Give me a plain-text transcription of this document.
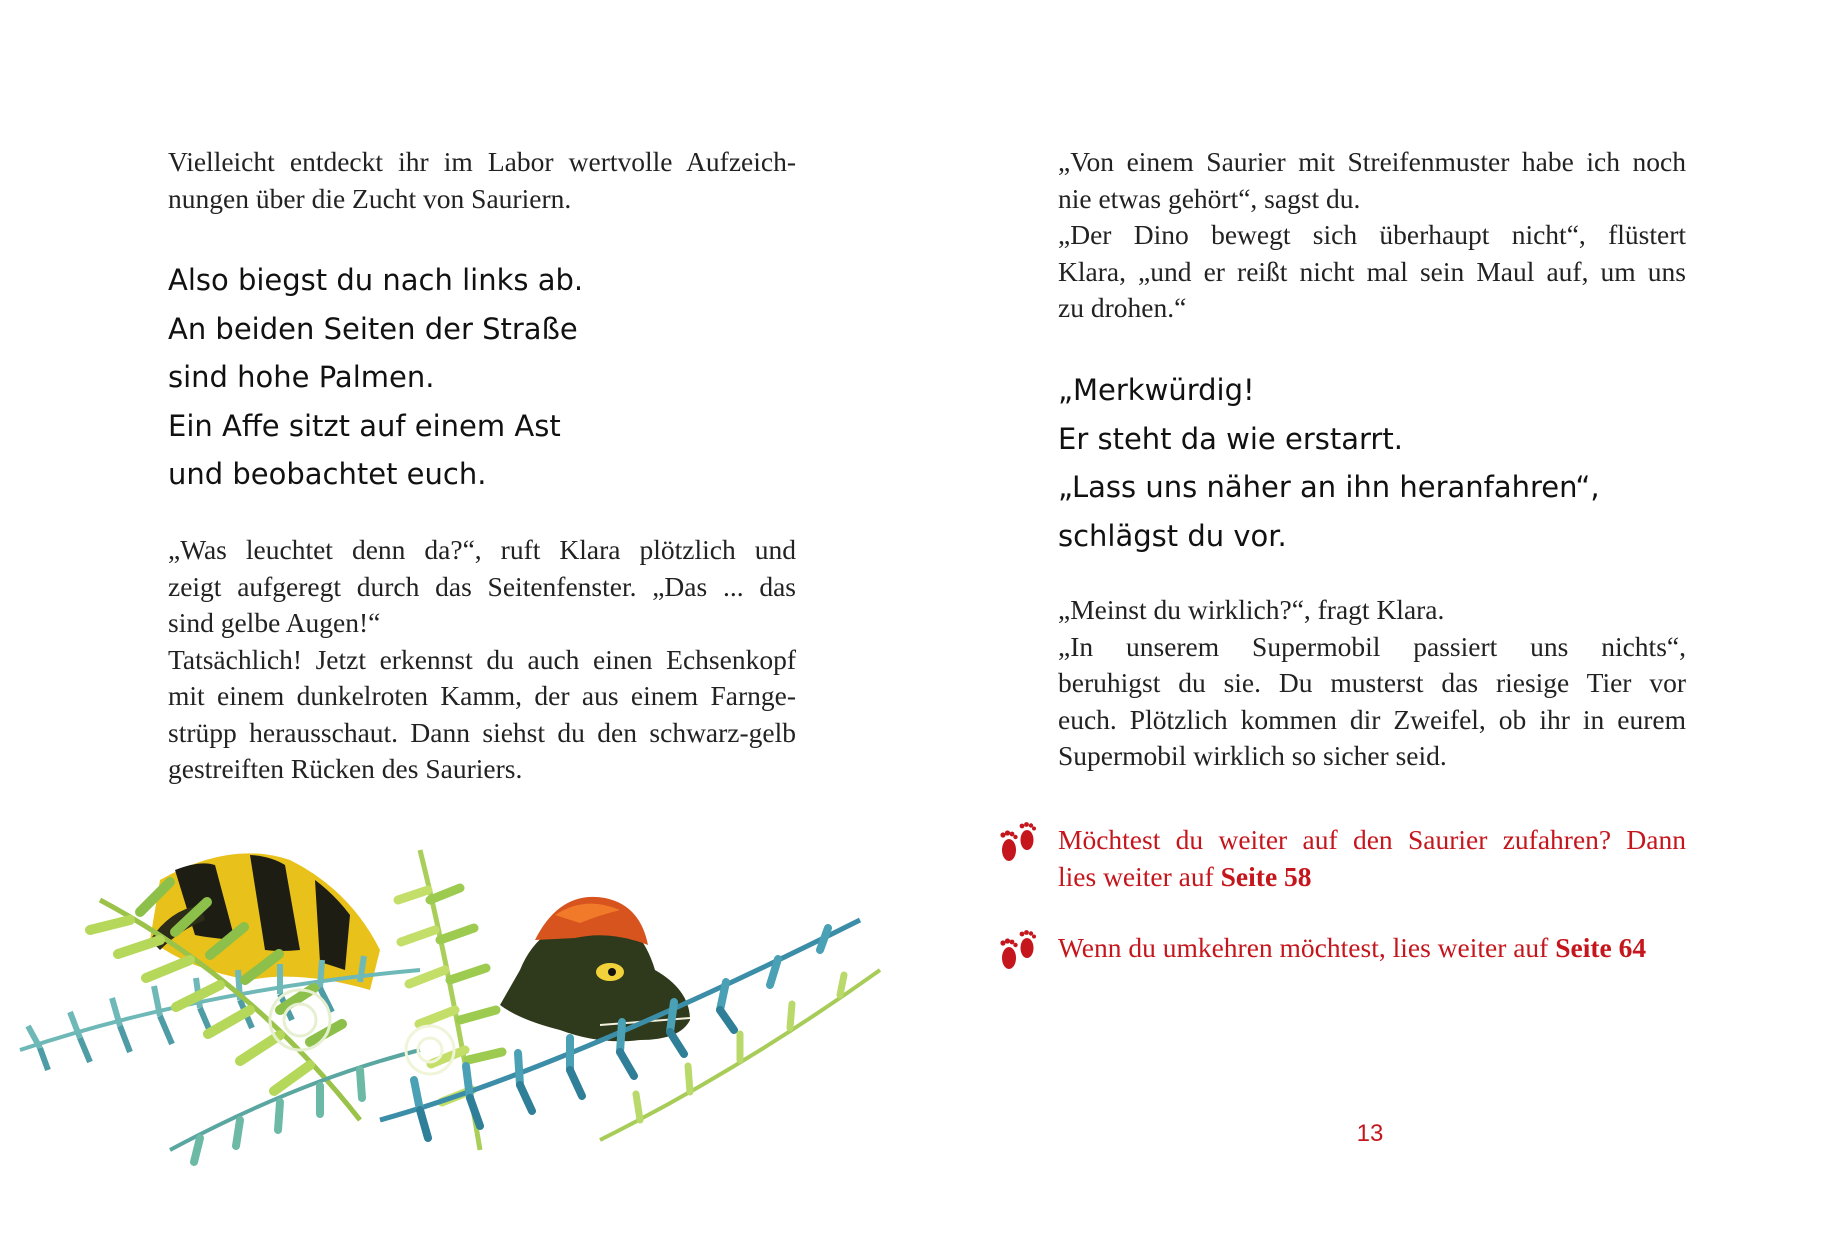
Vielleicht entdeckt ihr im Labor wertvolle Aufzeich-
nungen über die Zucht von Sauriern.
Also biegst du nach links ab.
An beiden Seiten der Straße
sind hohe Palmen.
Ein Affe sitzt auf einem Ast
und beobachtet euch.
„Was leuchtet denn da?“, ruft Klara plötzlich und
zeigt aufgeregt durch das Seitenfenster. „Das ... das
sind gelbe Augen!“
Tatsächlich! Jetzt erkennst du auch einen Echsenkopf
mit einem dunkelroten Kamm, der aus einem Farnge-
strüpp herausschaut. Dann siehst du den schwarz-gelb
gestreiften Rücken des Sauriers.
„Von einem Saurier mit Streifenmuster habe ich noch
nie etwas gehört“, sagst du.
„Der Dino bewegt sich überhaupt nicht“, flüstert
Klara, „und er reißt nicht mal sein Maul auf, um uns
zu drohen.“
„Merkwürdig!
Er steht da wie erstarrt.
„Lass uns näher an ihn heranfahren“,
schlägst du vor.
„Meinst du wirklich?“, fragt Klara.
„In unserem Supermobil passiert uns nichts“,
beruhigst du sie. Du musterst das riesige Tier vor
euch. Plötzlich kommen dir Zweifel, ob ihr in eurem
Supermobil wirklich so sicher seid.
Möchtest du weiter auf den Saurier zufahren? Dann
lies weiter auf Seite 58
Wenn du umkehren möchtest, lies weiter auf Seite 64
13
